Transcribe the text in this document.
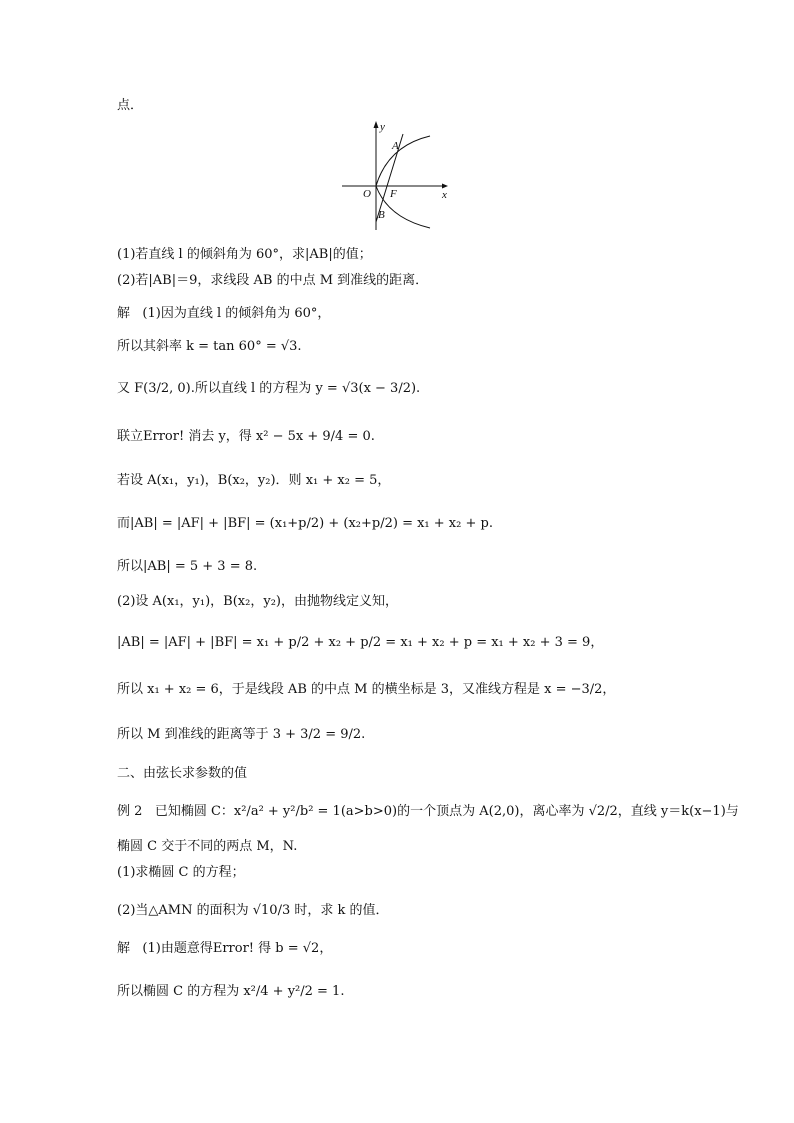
点．
y
x
O F
A
B
(1)若直线 l 的倾斜角为 60°，求|AB|的值；
(2)若|AB|＝9，求线段 AB 的中点 M 到准线的距离．
解 (1)因为直线 l 的倾斜角为 60°，
所以其斜率 k = tan 60° = √3.
又 F(3/2, 0).所以直线 l 的方程为 y = √3(x − 3/2).
联立Error! 消去 y，得 x² − 5x + 9/4 = 0.
若设 A(x₁，y₁)，B(x₂，y₂)．则 x₁ + x₂ = 5，
而|AB| = |AF| + |BF| = (x₁+p/2) + (x₂+p/2) = x₁ + x₂ + p.
所以|AB| = 5 + 3 = 8.
(2)设 A(x₁，y₁)，B(x₂，y₂)，由抛物线定义知，
|AB| = |AF| + |BF| = x₁ + p/2 + x₂ + p/2 = x₁ + x₂ + p = x₁ + x₂ + 3 = 9，
所以 x₁ + x₂ = 6，于是线段 AB 的中点 M 的横坐标是 3，又准线方程是 x = −3/2，
所以 M 到准线的距离等于 3 + 3/2 = 9/2.
二、由弦长求参数的值
例 2 已知椭圆 C：x²/a² + y²/b² = 1(a>b>0)的一个顶点为 A(2,0)，离心率为 √2/2，直线 y＝k(x−1)与
椭圆 C 交于不同的两点 M，N.
(1)求椭圆 C 的方程；
(2)当△AMN 的面积为 √10/3 时，求 k 的值．
解 (1)由题意得Error! 得 b = √2，
所以椭圆 C 的方程为 x²/4 + y²/2 = 1.
